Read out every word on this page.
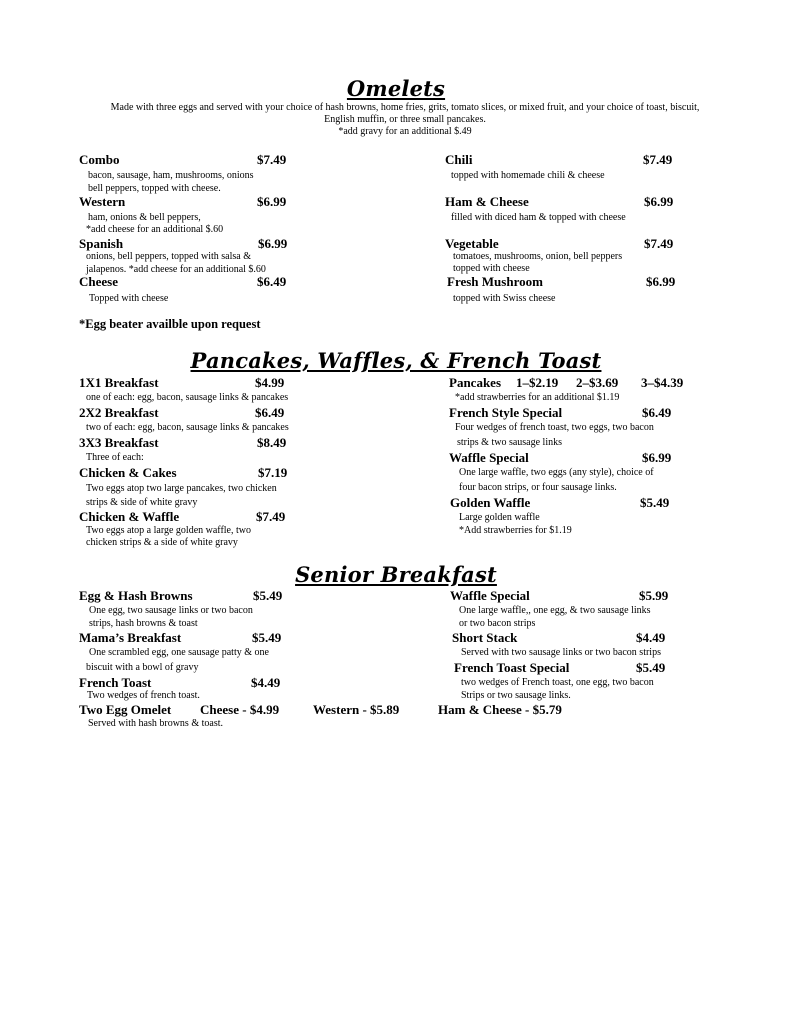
Omelets
Made with three eggs and served with your choice of hash browns, home fries, grits, tomato slices, or mixed fruit, and your choice of toast, biscuit,
English muffin, or three small pancakes.
*add gravy for an additional $.49
Combo	$7.49
bacon, sausage, ham, mushrooms, onions
bell peppers, topped with cheese.
Western	$6.99
ham, onions & bell peppers,
*add cheese for an additional $.60
Spanish	$6.99
onions, bell peppers, topped with salsa &
jalapenos. *add cheese for an additional $.60
Cheese	$6.49
Topped with cheese
Chili	$7.49
topped with homemade chili & cheese
Ham & Cheese	$6.99
filled with diced ham & topped with cheese
Vegetable	$7.49
tomatoes, mushrooms, onion, bell peppers
topped with cheese
Fresh Mushroom	$6.99
topped with Swiss cheese
*Egg beater availble upon request
Pancakes, Waffles, & French Toast
1X1 Breakfast	$4.99
one of each: egg, bacon, sausage links & pancakes
2X2 Breakfast	$6.49
two of each: egg, bacon, sausage links & pancakes
3X3 Breakfast	$8.49
Three of each:
Chicken & Cakes	$7.19
Two eggs atop two large pancakes, two chicken
strips & side of white gravy
Chicken & Waffle	$7.49
Two eggs atop a large golden waffle, two
chicken strips & a side of white gravy
Pancakes 1–$2.19 2–$3.69 3–$4.39
*add strawberries for an additional $1.19
French Style Special	$6.49
Four wedges of french toast, two eggs, two bacon
strips & two sausage links
Waffle Special	$6.99
One large waffle, two eggs (any style), choice of
four bacon strips, or four sausage links.
Golden Waffle	$5.49
Large golden waffle
*Add strawberries for $1.19
Senior Breakfast
Egg & Hash Browns	$5.49
One egg, two sausage links or two bacon
strips, hash browns & toast
Mama’s Breakfast	$5.49
One scrambled egg, one sausage patty & one
biscuit with a bowl of gravy
French Toast	$4.49
Two wedges of french toast.
Waffle Special	$5.99
One large waffle,, one egg, & two sausage links
or two bacon strips
Short Stack	$4.49
Served with two sausage links or two bacon strips
French Toast Special	$5.49
two wedges of French toast, one egg, two bacon
Strips or two sausage links.
Two Egg Omelet Cheese - $4.99	Western - $5.89	Ham & Cheese - $5.79
Served with hash browns & toast.
